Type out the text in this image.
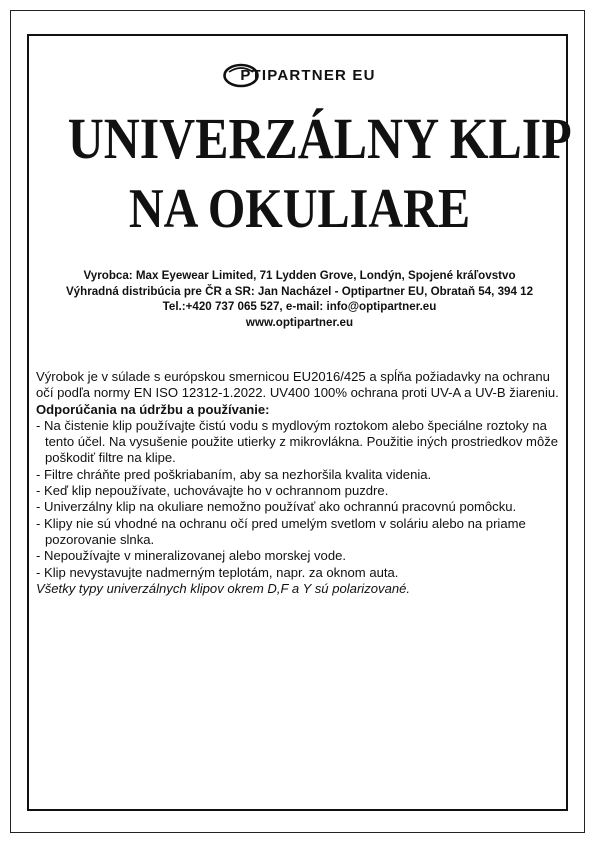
PTIPARTNER EU
UNIVERZÁLNY KLIP
NA OKULIARE
Vyrobca: Max Eyewear Limited, 71 Lydden Grove, Londýn, Spojené kráľovstvo
Výhradná distribúcia pre ČR a SR: Jan Nacházel - Optipartner EU, Obrataň 54, 394 12
Tel.:+420 737 065 527, e-mail: info@optipartner.eu
www.optipartner.eu

Výrobok je v súlade s európskou smernicou EU2016/425 a spĺňa požiadavky na ochranu očí podľa normy EN ISO 12312-1.2022. UV400 100% ochrana proti UV-A a UV-B žiareniu.

Odporúčania na údržbu a používanie:

- Na čistenie klip používajte čistú vodu s mydlovým roztokom alebo špeciálne roztoky na tento účel. Na vysušenie použite utierky z mikrovlákna. Použitie iných prostriedkov môže poškodiť filtre na klipe.
- Filtre chráňte pred poškriabaním, aby sa nezhoršila kvalita videnia.
- Keď klip nepoužívate, uchovávajte ho v ochrannom puzdre.
- Univerzálny klip na okuliare nemožno používať ako ochrannú pracovnú pomôcku.
- Klipy nie sú vhodné na ochranu očí pred umelým svetlom v soláriu alebo na priame pozorovanie slnka.
- Nepoužívajte v mineralizovanej alebo morskej vode.
- Klip nevystavujte nadmerným teplotám, napr. za oknom auta.

Všetky typy univerzálnych klipov okrem D,F a Y sú polarizované.
